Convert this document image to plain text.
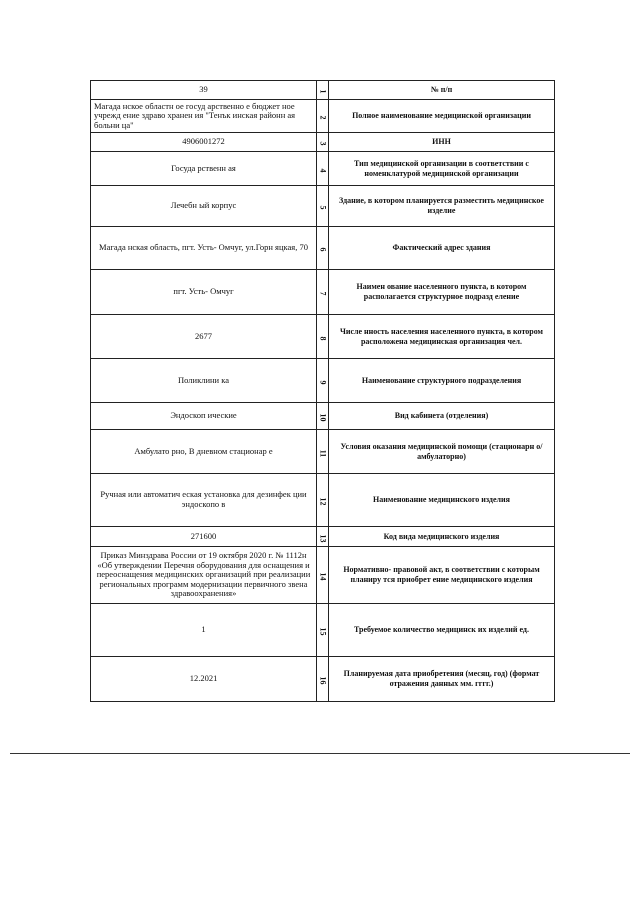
39	1	№ п/п
Магада нское областн ое госуд арственно е бюджет ное учрежд ение здраво хранен ия "Тенък инская районн ая больни ца"	2	Полное наименование медицинской организации
4906001272	3	ИНН
Госуда рственн ая	4	Тип медицинской организации в соответствии с номенклатурой медицинской организации
Лечебн ый корпус	5	Здание, в котором планируется разместить медицинское изделие
Магада нская область, пгт. Усть- Омчуг, ул.Горн яцкая, 70	6	Фактический адрес здания
пгт. Усть- Омчуг	7	Наимен ование населенного пункта, в котором располагается структурное подразд еление
2677	8	Числе нность населения населенного пункта, в котором расположена медицинская организация чел.
Поликлини ка	9	Наименование структурного подразделения
Эндоскоп ические	10	Вид кабинета (отделения)
Амбулато рно, В дневном стационар е	11	Условия оказания медицинской помощи (стационарн о/амбулаторно)
Ручная или автоматич еская установка для дезинфек ции эндоскопо в	12	Наименование медицинского изделия
271600	13	Код вида медицинского изделия
Приказ Минздрава России от 19 октября 2020 г. № 1112н «Об утверждении Перечня оборудования для оснащения и переоснащения медицинских организаций при реализации региональных программ модернизации первичного звена здравоохранения»	14	Нормативно- правовой акт, в соответствии с которым планиру тся приобрет ение медицинского изделия
1	15	Требуемое количество медицинск их изделий ед.
12.2021	16	Планируемая дата приобретения (месяц, год) (формат отражения данных мм. гггг.)
